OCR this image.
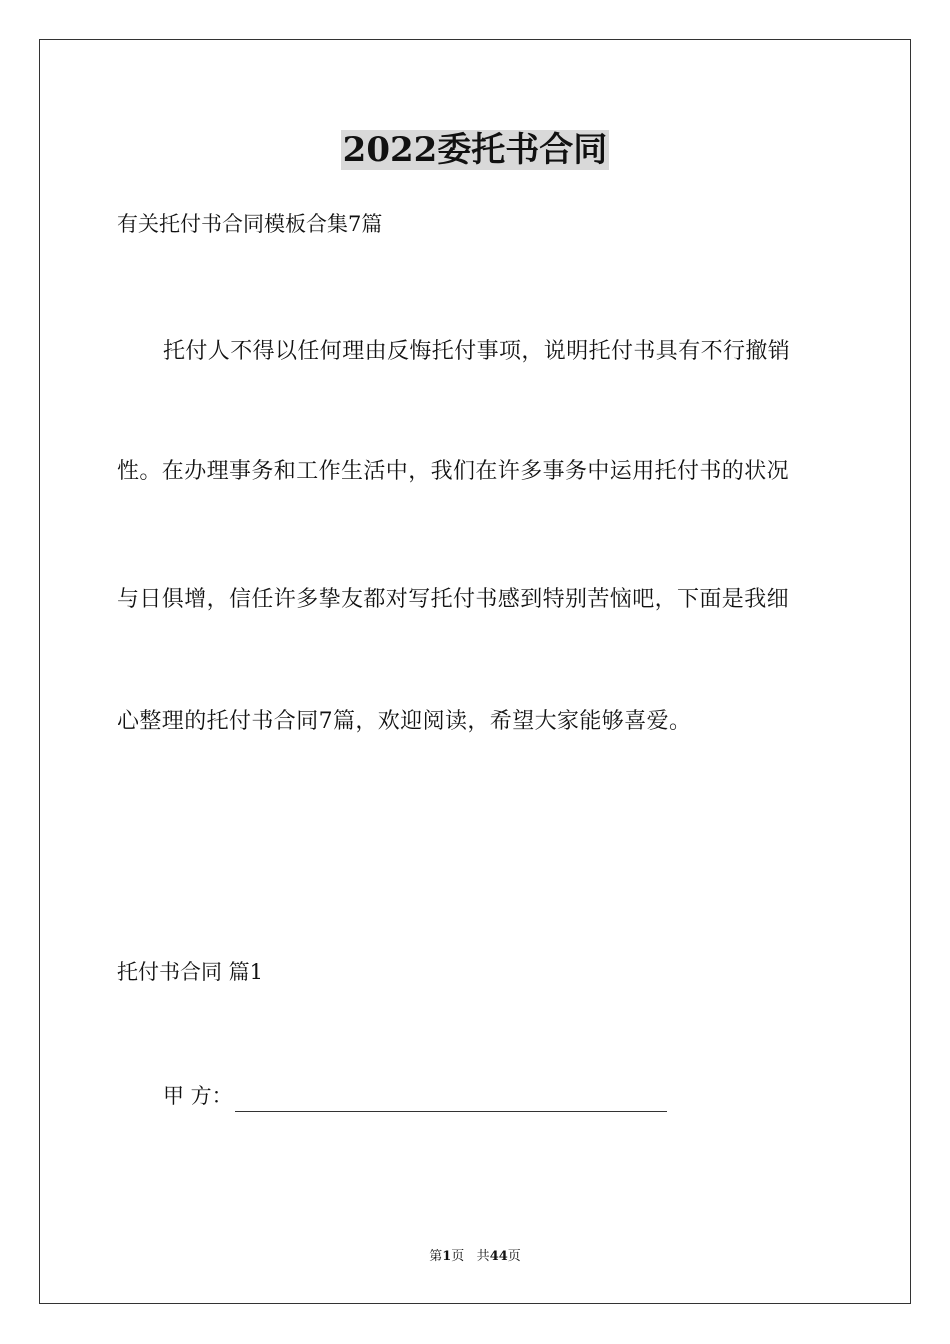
2022委托书合同
有关托付书合同模板合集7篇
托付人不得以任何理由反悔托付事项，说明托付书具有不行撤销
性。在办理事务和工作生活中，我们在许多事务中运用托付书的状况
与日俱增，信任许多挚友都对写托付书感到特别苦恼吧，下面是我细
心整理的托付书合同7篇，欢迎阅读，希望大家能够喜爱。
托付书合同 篇1
甲 方：
第1页 共44页
